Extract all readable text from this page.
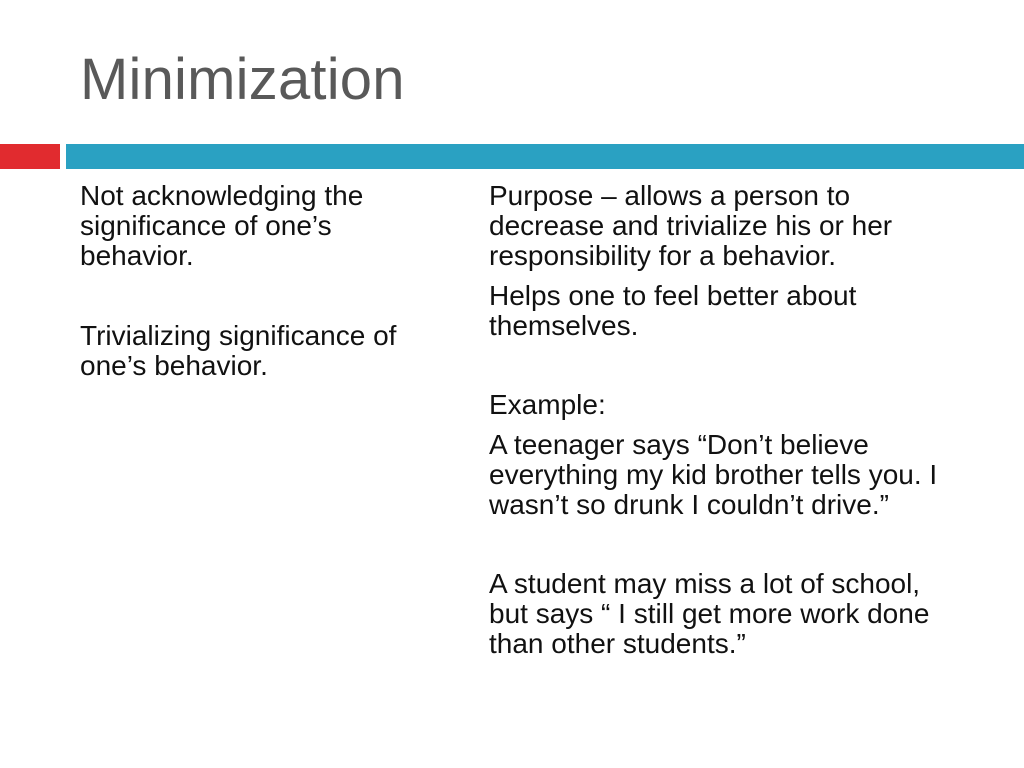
Minimization

Not acknowledging the significance of one’s behavior.

Trivializing significance of one’s behavior.

Purpose – allows a person to decrease and trivialize his or her responsibility for a behavior.

Helps one to feel better about themselves.

Example:

A teenager says “Don’t believe everything my kid brother tells you. I wasn’t so drunk I couldn’t drive.”

A student may miss a lot of school, but says “ I still get more work done than other students.”
